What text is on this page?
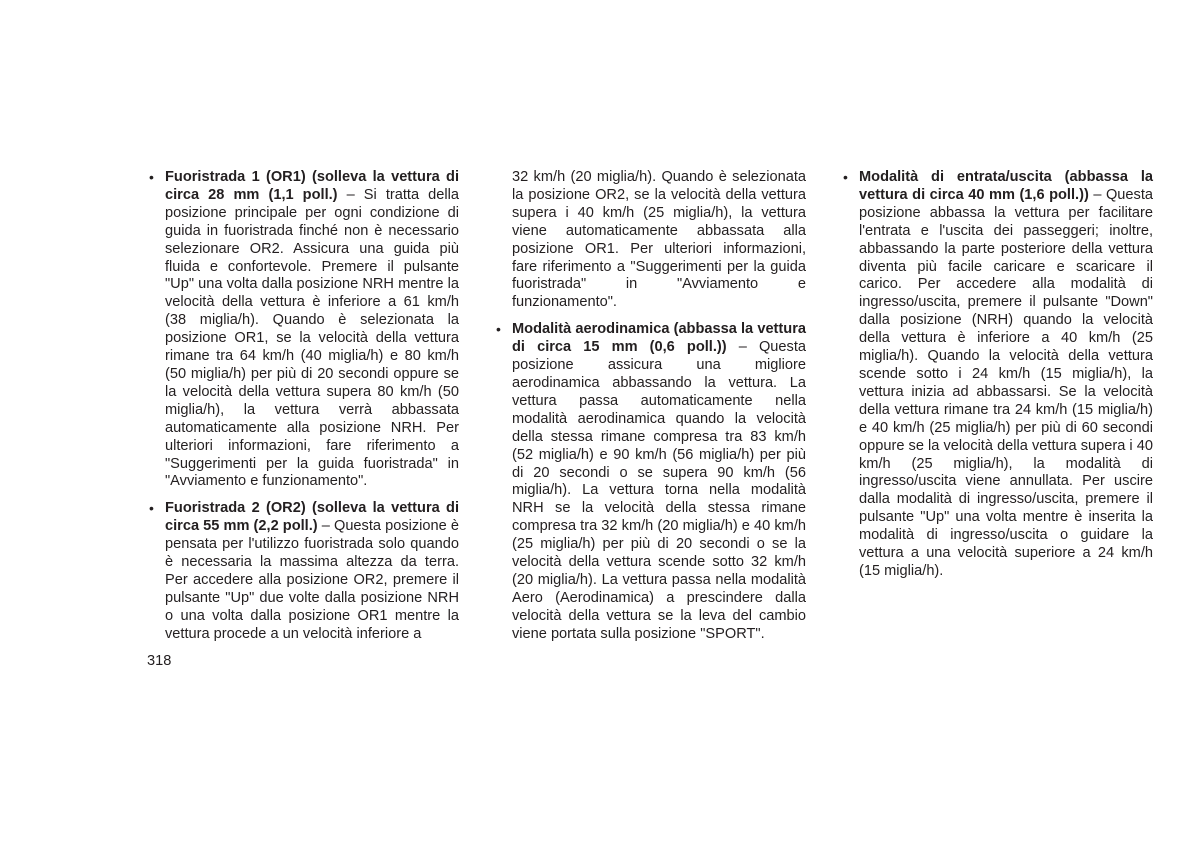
• Fuoristrada 1 (OR1) (solleva la vettura di circa 28 mm (1,1 poll.) – Si tratta della posizione principale per ogni condizione di guida in fuoristrada finché non è necessario selezionare OR2. Assicura una guida più fluida e confortevole. Premere il pulsante "Up" una volta dalla posizione NRH mentre la velocità della vettura è inferiore a 61 km/h (38 miglia/h). Quando è selezionata la posizione OR1, se la velocità della vettura rimane tra 64 km/h (40 miglia/h) e 80 km/h (50 miglia/h) per più di 20 secondi oppure se la velocità della vettura supera 80 km/h (50 miglia/h), la vettura verrà abbassata automaticamente alla posizione NRH. Per ulteriori informazioni, fare riferimento a "Suggerimenti per la guida fuoristrada" in "Avviamento e funzionamento".
• Fuoristrada 2 (OR2) (solleva la vettura di circa 55 mm (2,2 poll.) – Questa posizione è pensata per l'utilizzo fuoristrada solo quando è necessaria la massima altezza da terra. Per accedere alla posizione OR2, premere il pulsante "Up" due volte dalla posizione NRH o una volta dalla posizione OR1 mentre la vettura procede a un velocità inferiore a
32 km/h (20 miglia/h). Quando è selezionata la posizione OR2, se la velocità della vettura supera i 40 km/h (25 miglia/h), la vettura viene automaticamente abbassata alla posizione OR1. Per ulteriori informazioni, fare riferimento a "Suggerimenti per la guida fuoristrada" in "Avviamento e funzionamento".
• Modalità aerodinamica (abbassa la vettura di circa 15 mm (0,6 poll.)) – Questa posizione assicura una migliore aerodinamica abbassando la vettura. La vettura passa automaticamente nella modalità aerodinamica quando la velocità della stessa rimane compresa tra 83 km/h (52 miglia/h) e 90 km/h (56 miglia/h) per più di 20 secondi o se supera 90 km/h (56 miglia/h). La vettura torna nella modalità NRH se la velocità della stessa rimane compresa tra 32 km/h (20 miglia/h) e 40 km/h (25 miglia/h) per più di 20 secondi o se la velocità della vettura scende sotto 32 km/h (20 miglia/h). La vettura passa nella modalità Aero (Aerodinamica) a prescindere dalla velocità della vettura se la leva del cambio viene portata sulla posizione "SPORT".
• Modalità di entrata/uscita (abbassa la vettura di circa 40 mm (1,6 poll.)) – Questa posizione abbassa la vettura per facilitare l'entrata e l'uscita dei passeggeri; inoltre, abbassando la parte posteriore della vettura diventa più facile caricare e scaricare il carico. Per accedere alla modalità di ingresso/uscita, premere il pulsante "Down" dalla posizione (NRH) quando la velocità della vettura è inferiore a 40 km/h (25 miglia/h). Quando la velocità della vettura scende sotto i 24 km/h (15 miglia/h), la vettura inizia ad abbassarsi. Se la velocità della vettura rimane tra 24 km/h (15 miglia/h) e 40 km/h (25 miglia/h) per più di 60 secondi oppure se la velocità della vettura supera i 40 km/h (25 miglia/h), la modalità di ingresso/uscita viene annullata. Per uscire dalla modalità di ingresso/uscita, premere il pulsante "Up" una volta mentre è inserita la modalità di ingresso/uscita o guidare la vettura a una velocità superiore a 24 km/h (15 miglia/h).
318
